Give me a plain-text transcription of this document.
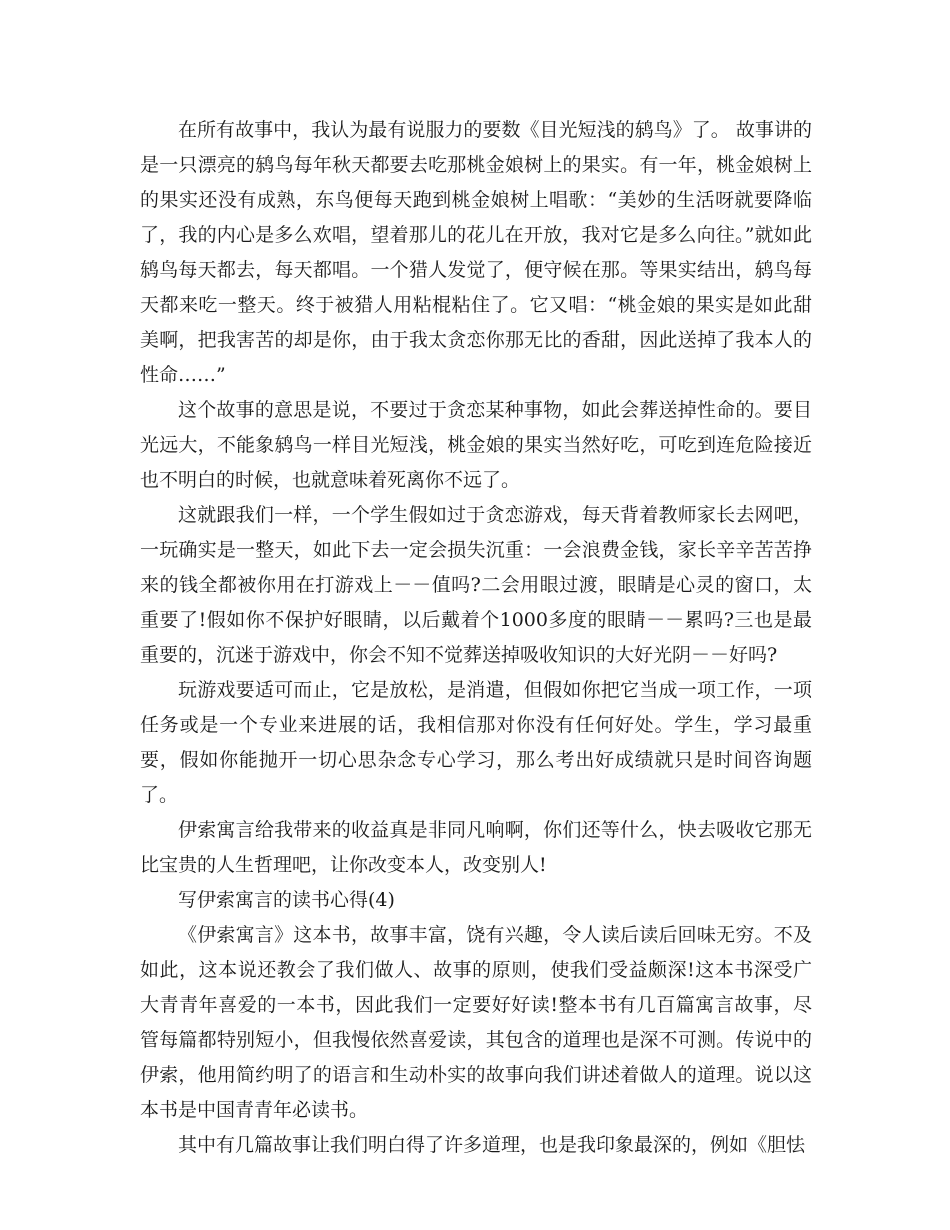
在所有故事中，我认为最有说服力的要数《目光短浅的鸫鸟》了。 故事讲的是一只漂亮的鸫鸟每年秋天都要去吃那桃金娘树上的果实。有一年，桃金娘树上的果实还没有成熟，东鸟便每天跑到桃金娘树上唱歌：“美妙的生活呀就要降临了，我的内心是多么欢唱，望着那儿的花儿在开放，我对它是多么向往。”就如此鸫鸟每天都去，每天都唱。一个猎人发觉了，便守候在那。等果实结出，鸫鸟每天都来吃一整天。终于被猎人用粘棍粘住了。它又唱：“桃金娘的果实是如此甜美啊，把我害苦的却是你，由于我太贪恋你那无比的香甜，因此送掉了我本人的性命……”

这个故事的意思是说，不要过于贪恋某种事物，如此会葬送掉性命的。要目光远大，不能象鸫鸟一样目光短浅，桃金娘的果实当然好吃，可吃到连危险接近也不明白的时候，也就意味着死离你不远了。

这就跟我们一样，一个学生假如过于贪恋游戏，每天背着教师家长去网吧，一玩确实是一整天，如此下去一定会损失沉重：一会浪费金钱，家长辛辛苦苦挣来的钱全都被你用在打游戏上－－值吗?二会用眼过渡，眼睛是心灵的窗口，太重要了!假如你不保护好眼睛，以后戴着个1000多度的眼睛－－累吗?三也是最重要的，沉迷于游戏中，你会不知不觉葬送掉吸收知识的大好光阴－－好吗?

玩游戏要适可而止，它是放松，是消遣，但假如你把它当成一项工作，一项任务或是一个专业来进展的话，我相信那对你没有任何好处。学生，学习最重要，假如你能抛开一切心思杂念专心学习，那么考出好成绩就只是时间咨询题了。

伊索寓言给我带来的收益真是非同凡响啊，你们还等什么，快去吸收它那无比宝贵的人生哲理吧，让你改变本人，改变别人!

写伊索寓言的读书心得(4)

《伊索寓言》这本书，故事丰富，饶有兴趣，令人读后读后回味无穷。不及如此，这本说还教会了我们做人、故事的原则，使我们受益颇深!这本书深受广大青青年喜爱的一本书，因此我们一定要好好读!整本书有几百篇寓言故事，尽管每篇都特别短小，但我慢依然喜爱读，其包含的道理也是深不可测。传说中的伊索，他用简约明了的语言和生动朴实的故事向我们讲述着做人的道理。说以这本书是中国青青年必读书。

其中有几篇故事让我们明白得了许多道理，也是我印象最深的，例如《胆怯
